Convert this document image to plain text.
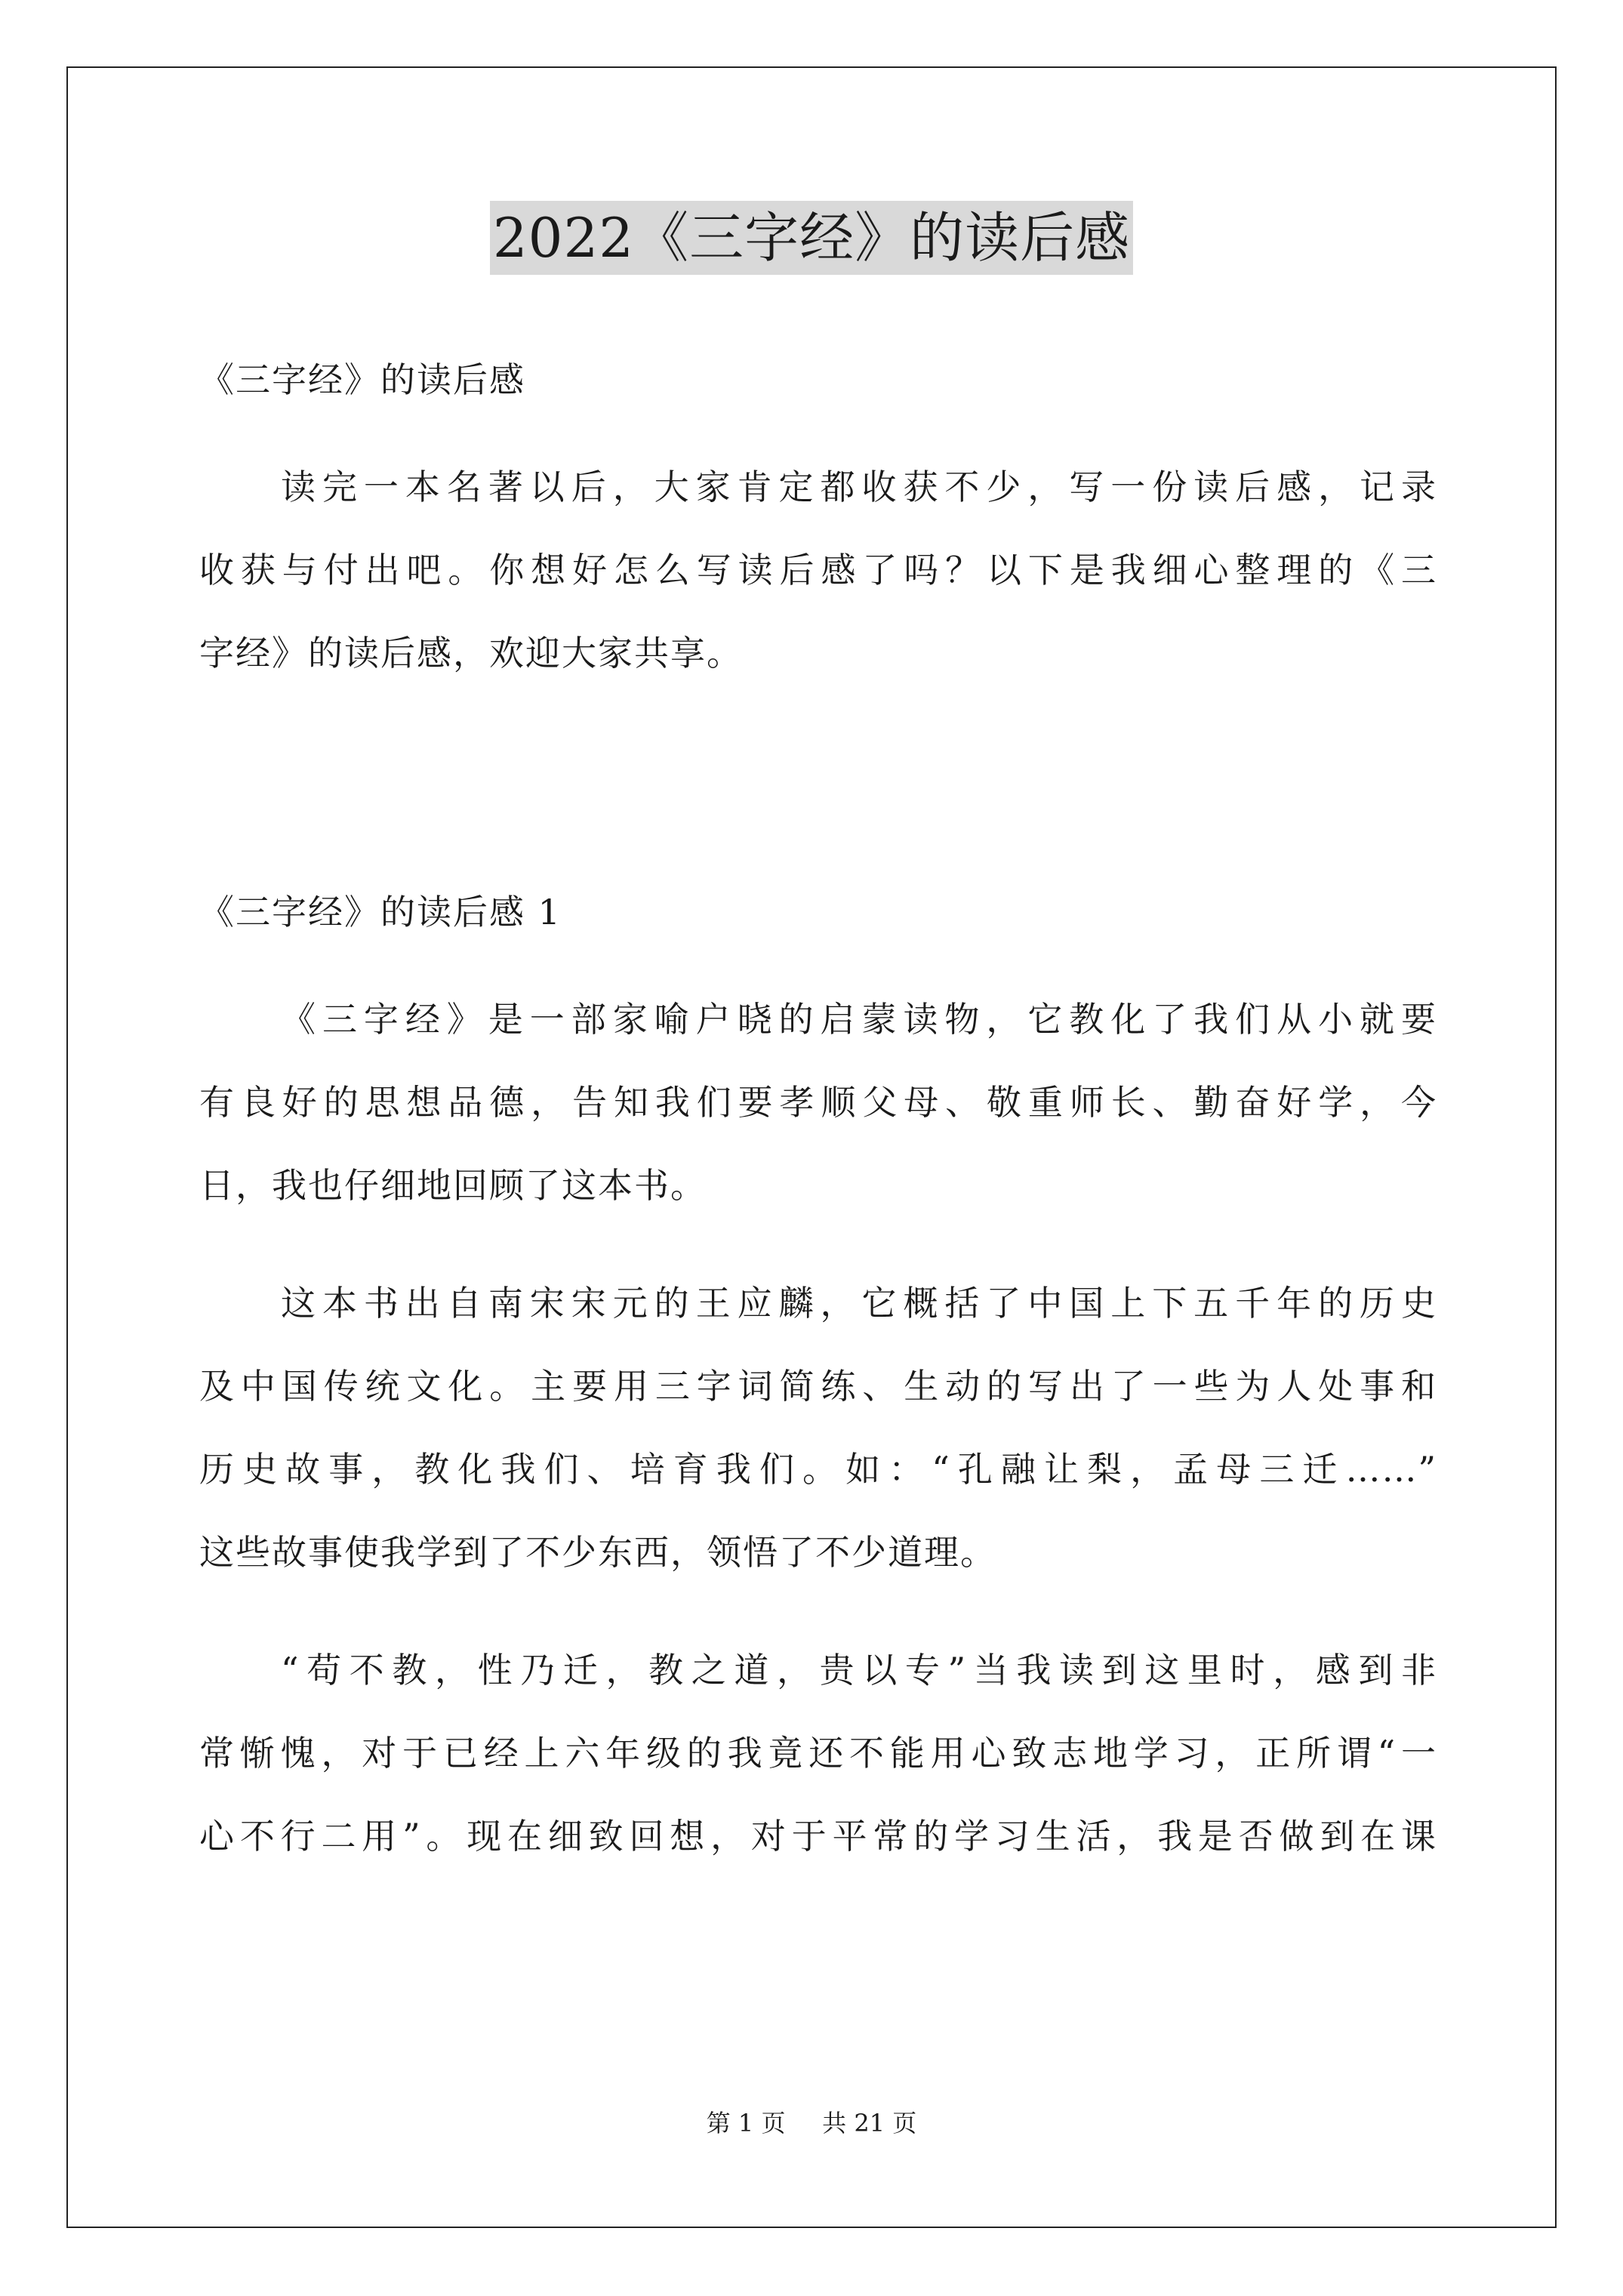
2022《三字经》的读后感
《三字经》的读后感
读完一本名著以后，大家肯定都收获不少，写一份读后感，记录
收获与付出吧。你想好怎么写读后感了吗？以下是我细心整理的《三
字经》的读后感，欢迎大家共享。
《三字经》的读后感 1
《三字经》是一部家喻户晓的启蒙读物，它教化了我们从小就要
有良好的思想品德，告知我们要孝顺父母、敬重师长、勤奋好学，今
日，我也仔细地回顾了这本书。
这本书出自南宋宋元的王应麟，它概括了中国上下五千年的历史
及中国传统文化。主要用三字词简练、生动的写出了一些为人处事和
历史故事，教化我们、培育我们。如：“孔融让梨，孟母三迁……”
这些故事使我学到了不少东西，领悟了不少道理。
“苟不教，性乃迁，教之道，贵以专”当我读到这里时，感到非
常惭愧，对于已经上六年级的我竟还不能用心致志地学习，正所谓“一
心不行二用”。现在细致回想，对于平常的学习生活，我是否做到在课
第 1 页 共 21 页
